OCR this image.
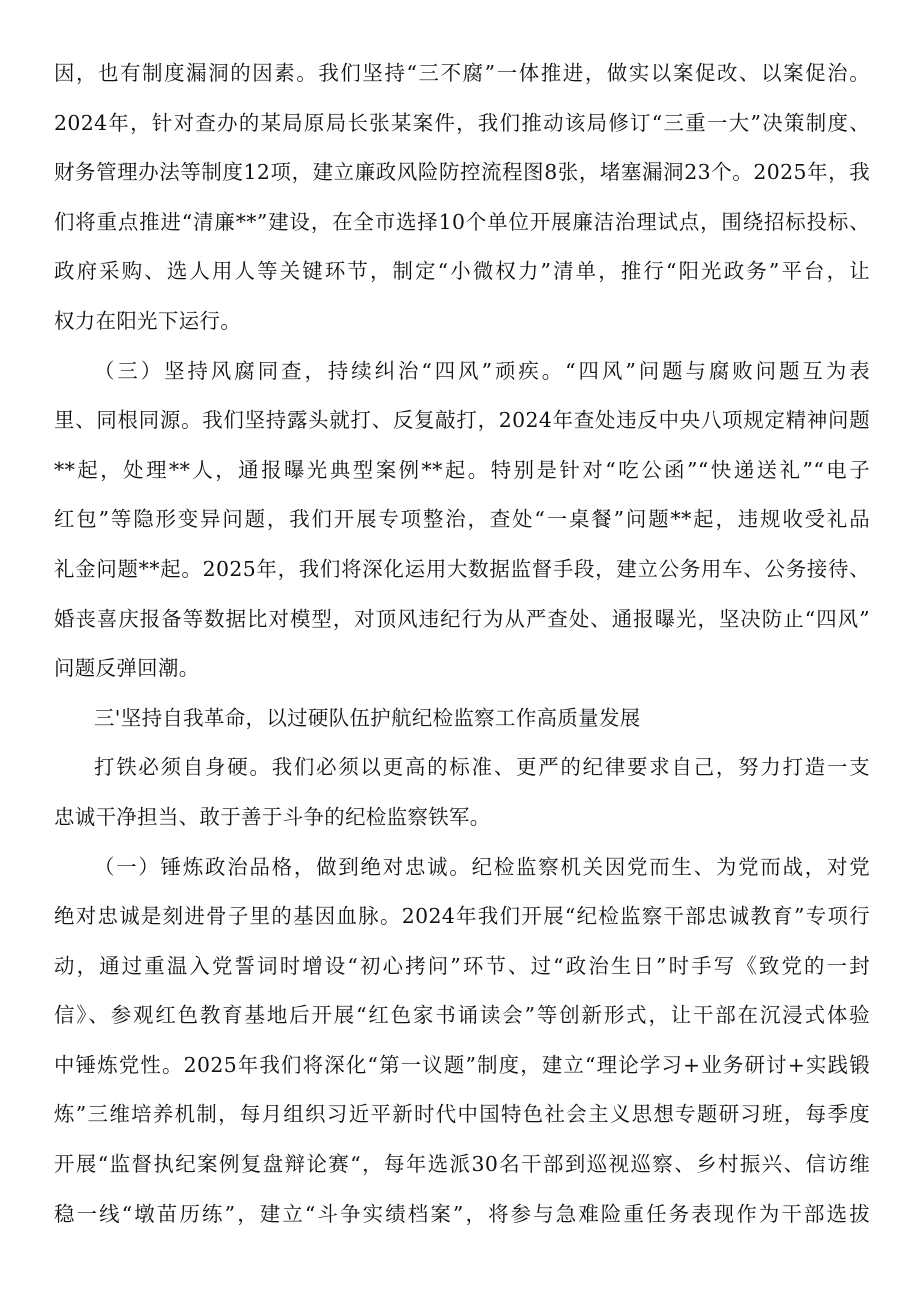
因，也有制度漏洞的因素。我们坚持“三不腐”一体推进，做实以案促改、以案促治。
2024年，针对查办的某局原局长张某案件，我们推动该局修订“三重一大”决策制度、
财务管理办法等制度12项，建立廉政风险防控流程图8张，堵塞漏洞23个。2025年，我
们将重点推进“清廉**”建设，在全市选择10个单位开展廉洁治理试点，围绕招标投标、
政府采购、选人用人等关键环节，制定“小微权力”清单，推行“阳光政务”平台，让
权力在阳光下运行。
（三）坚持风腐同查，持续纠治“四风”顽疾。“四风”问题与腐败问题互为表
里、同根同源。我们坚持露头就打、反复敲打，2024年查处违反中央八项规定精神问题
**起，处理**人，通报曝光典型案例**起。特别是针对“吃公函”“快递送礼”“电子
红包”等隐形变异问题，我们开展专项整治，查处“一桌餐”问题**起，违规收受礼品
礼金问题**起。2025年，我们将深化运用大数据监督手段，建立公务用车、公务接待、
婚丧喜庆报备等数据比对模型，对顶风违纪行为从严查处、通报曝光，坚决防止“四风”
问题反弹回潮。
三'坚持自我革命，以过硬队伍护航纪检监察工作高质量发展
打铁必须自身硬。我们必须以更高的标准、更严的纪律要求自己，努力打造一支
忠诚干净担当、敢于善于斗争的纪检监察铁军。
（一）锤炼政治品格，做到绝对忠诚。纪检监察机关因党而生、为党而战，对党
绝对忠诚是刻进骨子里的基因血脉。2024年我们开展“纪检监察干部忠诚教育”专项行
动，通过重温入党誓词时增设“初心拷问”环节、过“政治生日”时手写《致党的一封
信》、参观红色教育基地后开展“红色家书诵读会”等创新形式，让干部在沉浸式体验
中锤炼党性。2025年我们将深化“第一议题”制度，建立“理论学习+业务研讨+实践锻
炼”三维培养机制，每月组织习近平新时代中国特色社会主义思想专题研习班，每季度
开展“监督执纪案例复盘辩论赛“，每年选派30名干部到巡视巡察、乡村振兴、信访维
稳一线“墩苗历练”，建立“斗争实绩档案”，将参与急难险重任务表现作为干部选拔
